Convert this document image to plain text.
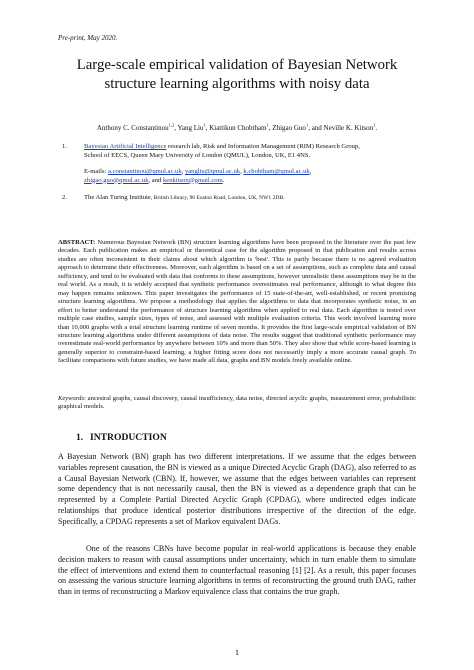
Pre-print, May 2020.
Large-scale empirical validation of Bayesian Network
structure learning algorithms with noisy data
Anthony C. Constantinou$^{1,2}$, Yang Liu$^1$, Kiattikun Chobtham$^1$, Zhigao Guo$^1$, and Neville K. Kitson$^1$.
1.	Bayesian Artificial Intelligence research lab, Risk and Information Management (RIM) Research Group,
School of EECS, Queen Mary University of London (QMUL), London, UK, E1 4NS.
E-mails: a.constantinou@qmul.ac.uk, yangliu@qmul.ac.uk, k.chobtham@qmul.ac.uk,
zhigao.guo@qmul.ac.uk, and kenkitson@gmail.com.
2.	The Alan Turing Institute, British Library, 96 Euston Road, London, UK, NW1 2DB.
ABSTRACT: Numerous Bayesian Network (BN) structure learning algorithms have been proposed in the literature over the past few decades. Each publication makes an empirical or theoretical case for the algorithm proposed in that publication and results across studies are often inconsistent in their claims about which algorithm is 'best'. This is partly because there is no agreed evaluation approach to determine their effectiveness. Moreover, each algorithm is based on a set of assumptions, such as complete data and causal sufficiency, and tend to be evaluated with data that conforms to these assumptions, however unrealistic these assumptions may be in the real world. As a result, it is widely accepted that synthetic performance overestimates real performance, although to what degree this may happen remains unknown. This paper investigates the performance of 15 state-of-the-art, well-established, or recent promising structure learning algorithms. We propose a methodology that applies the algorithms to data that incorporates synthetic noise, in an effort to better understand the performance of structure learning algorithms when applied to real data. Each algorithm is tested over multiple case studies, sample sizes, types of noise, and assessed with multiple evaluation criteria. This work involved learning more than 10,000 graphs with a total structure learning runtime of seven months. It provides the first large-scale empirical validation of BN structure learning algorithms under different assumptions of data noise. The results suggest that traditional synthetic performance may overestimate real-world performance by anywhere between 10% and more than 50%. They also show that while score-based learning is generally superior to constraint-based learning, a higher fitting score does not necessarily imply a more accurate causal graph. To facilitate comparisons with future studies, we have made all data, graphs and BN models freely available online.
Keywords: ancestral graphs, causal discovery, causal insufficiency, data noise, directed acyclic graphs, measurement error, probabilistic graphical models.
1. INTRODUCTION

A Bayesian Network (BN) graph has two different interpretations. If we assume that the edges between variables represent causation, the BN is viewed as a unique Directed Acyclic Graph (DAG), also referred to as a Causal Bayesian Network (CBN). If, however, we assume that the edges between variables can represent some dependency that is not necessarily causal, then the BN is viewed as a dependence graph that can be represented by a Complete Partial Directed Acyclic Graph (CPDAG), where undirected edges indicate relationships that produce identical posterior distributions irrespective of the direction of the edge. Specifically, a CPDAG represents a set of Markov equivalent DAGs.

One of the reasons CBNs have become popular in real-world applications is because they enable decision makers to reason with causal assumptions under uncertainty, which in turn enable them to simulate the effect of interventions and extend them to counterfactual reasoning [1] [2]. As a result, this paper focuses on assessing the various structure learning algorithms in terms of reconstructing the ground truth DAG, rather than in terms of reconstructing a Markov equivalence class that contains the true graph.

1
